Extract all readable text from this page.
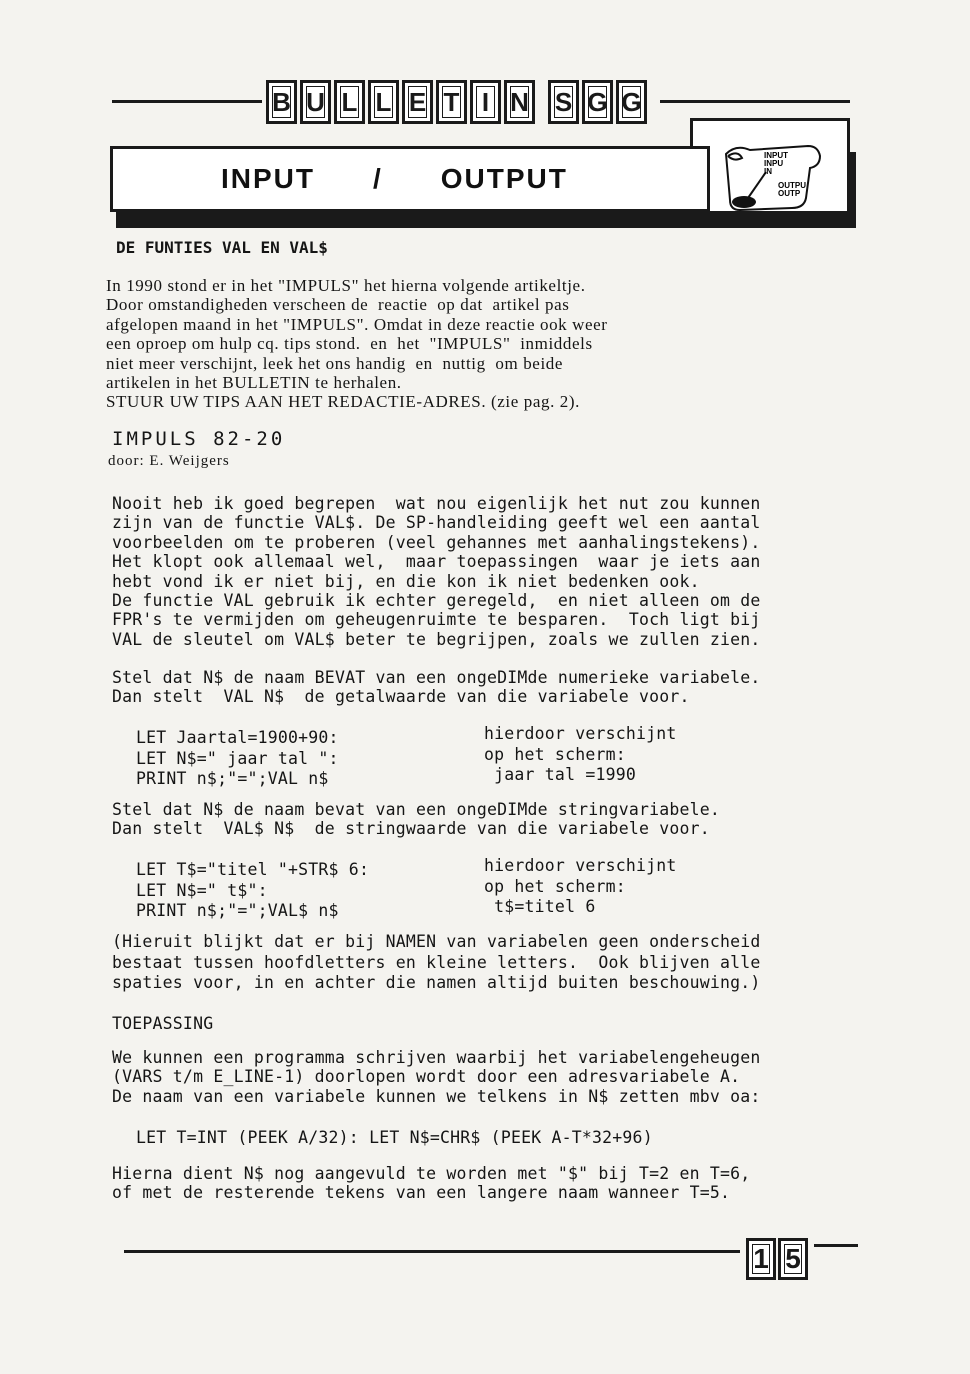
B U L L E T I N S G G
INPUT
INPU
IN
OUTPU
OUTP
INPUT / OUTPUT
DE FUNTIES VAL EN VAL$
In 1990 stond er in het "IMPULS" het hierna volgende artikeltje.
Door omstandigheden verscheen de  reactie  op dat  artikel pas
afgelopen maand in het "IMPULS". Omdat in deze reactie ook weer
een oproep om hulp cq. tips stond.  en  het  "IMPULS"  inmiddels
niet meer verschijnt, leek het ons handig  en  nuttig  om beide
artikelen in het BULLETIN te herhalen.
STUUR UW TIPS AAN HET REDACTIE-ADRES. (zie pag. 2).
IMPULS 82-20
door: E. Weijgers
Nooit heb ik goed begrepen  wat nou eigenlijk het nut zou kunnen
zijn van de functie VAL$. De SP-handleiding geeft wel een aantal
voorbeelden om te proberen (veel gehannes met aanhalingstekens).
Het klopt ook allemaal wel,  maar toepassingen  waar je iets aan
hebt vond ik er niet bij, en die kon ik niet bedenken ook.
De functie VAL gebruik ik echter geregeld,  en niet alleen om de
FPR's te vermijden om geheugenruimte te besparen.  Toch ligt bij
VAL de sleutel om VAL$ beter te begrijpen, zoals we zullen zien.
Stel dat N$ de naam BEVAT van een ongeDIMde numerieke variabele.
Dan stelt  VAL N$  de getalwaarde van die variabele voor.
LET Jaartal=1900+90:
LET N$=" jaar tal ":
PRINT n$;"=";VAL n$
hierdoor verschijnt
op het scherm:
jaar tal =1990
Stel dat N$ de naam bevat van een ongeDIMde stringvariabele.
Dan stelt  VAL$ N$  de stringwaarde van die variabele voor.
LET T$="titel "+STR$ 6:
LET N$=" t$":
PRINT n$;"=";VAL$ n$
hierdoor verschijnt
op het scherm:
t$=titel 6
(Hieruit blijkt dat er bij NAMEN van variabelen geen onderscheid
bestaat tussen hoofdletters en kleine letters.  Ook blijven alle
spaties voor, in en achter die namen altijd buiten beschouwing.)
TOEPASSING
We kunnen een programma schrijven waarbij het variabelengeheugen
(VARS t/m E_LINE-1) doorlopen wordt door een adresvariabele A.
De naam van een variabele kunnen we telkens in N$ zetten mbv oa:
LET T=INT (PEEK A/32): LET N$=CHR$ (PEEK A-T*32+96)
Hierna dient N$ nog aangevuld te worden met "$" bij T=2 en T=6,
of met de resterende tekens van een langere naam wanneer T=5.
1 5
